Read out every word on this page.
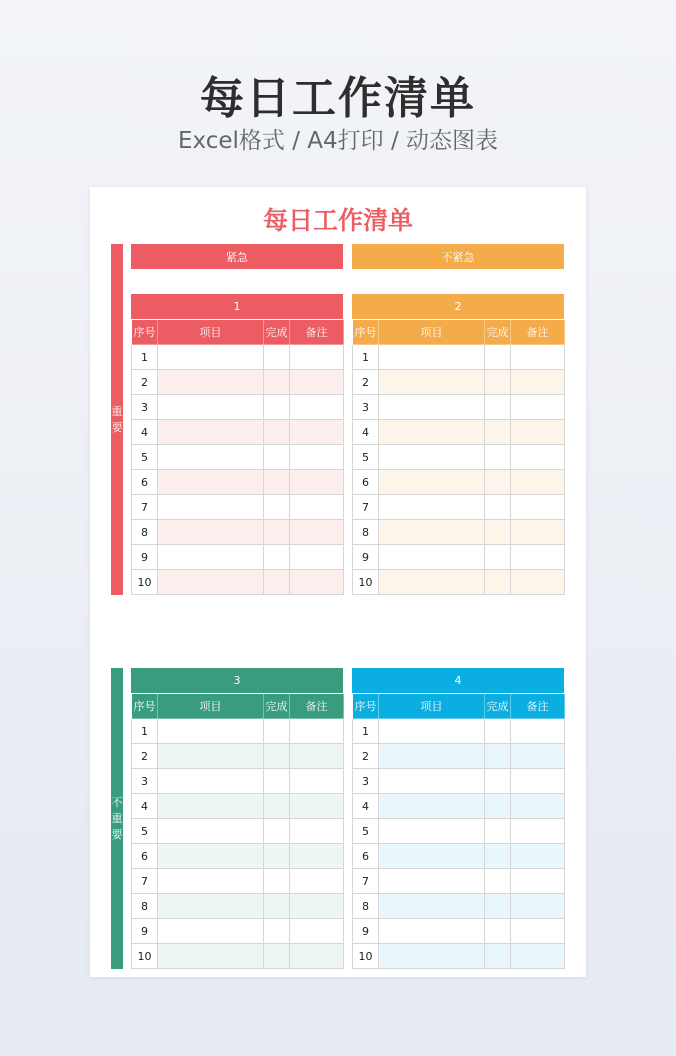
每日工作清单
Excel格式 / A4打印 / 动态图表
每日工作清单
重
要
不
重
要
紧急	不紧急
1
序号	项目	完成	备注
1			
2			
3			
4			
5			
6			
7			
8			
9			
10			
2
序号	项目	完成	备注
1			
2			
3			
4			
5			
6			
7			
8			
9			
10			
3
序号	项目	完成	备注
1			
2			
3			
4			
5			
6			
7			
8			
9			
10			
4
序号	项目	完成	备注
1			
2			
3			
4			
5			
6			
7			
8			
9			
10			
